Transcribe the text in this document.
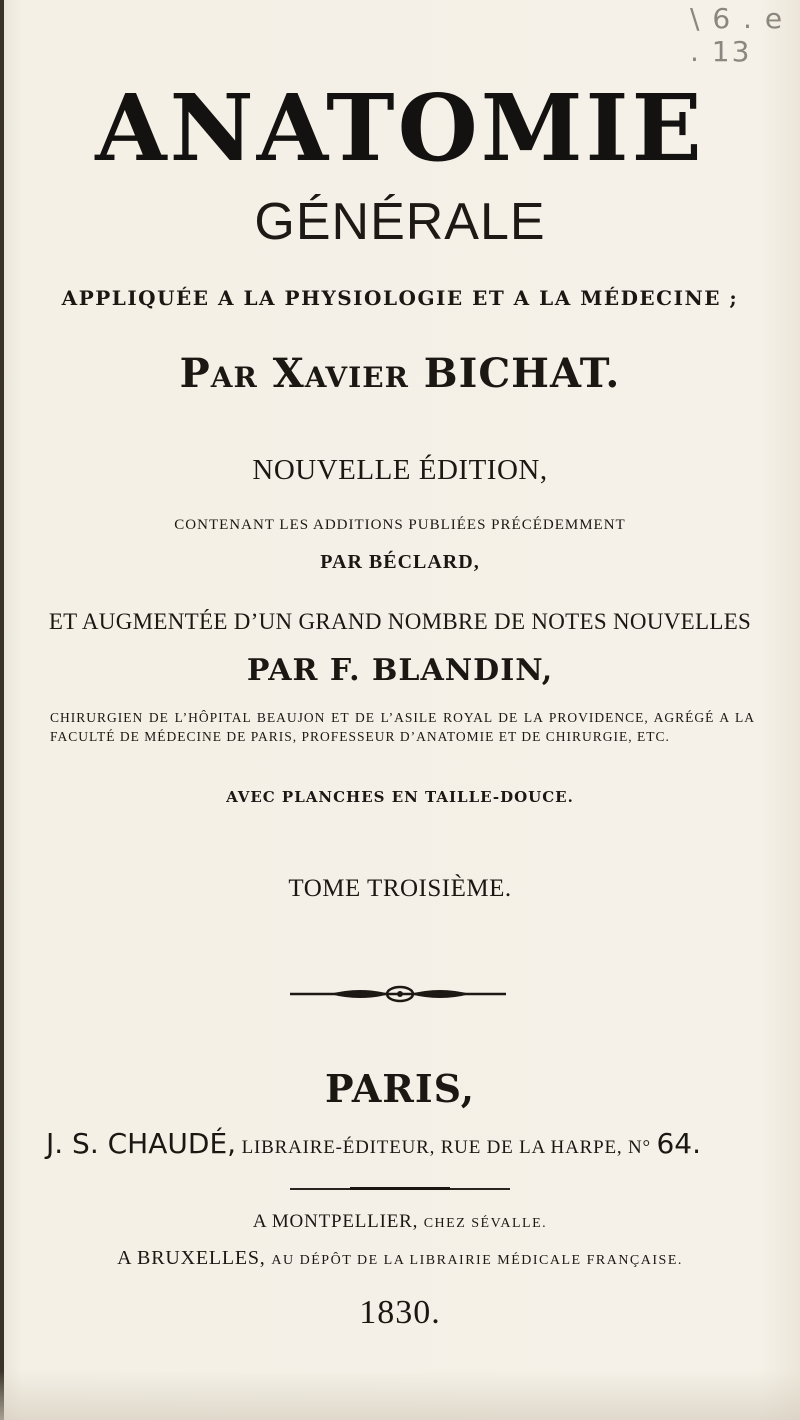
\ 6 . e . 13
ANATOMIE
GÉNÉRALE
APPLIQUÉE A LA PHYSIOLOGIE ET A LA MÉDECINE ;
PAR XAVIER BICHAT.
NOUVELLE ÉDITION,
CONTENANT LES ADDITIONS PUBLIÉES PRÉCÉDEMMENT
PAR BÉCLARD,
ET AUGMENTÉE D’UN GRAND NOMBRE DE NOTES NOUVELLES
PAR F. BLANDIN,
CHIRURGIEN DE L’HÔPITAL BEAUJON ET DE L’ASILE ROYAL DE LA PROVIDENCE, AGRÉGÉ A LA FACULTÉ DE MÉDECINE DE PARIS, PROFESSEUR D’ANATOMIE ET DE CHIRURGIE, ETC.
AVEC PLANCHES EN TAILLE-DOUCE.
TOME TROISIÈME.
PARIS,
J. S. CHAUDÉ, LIBRAIRE-ÉDITEUR, RUE DE LA HARPE, N° 64.
A MONTPELLIER, CHEZ SÉVALLE.
A BRUXELLES, AU DÉPÔT DE LA LIBRAIRIE MÉDICALE FRANÇAISE.
1830.
